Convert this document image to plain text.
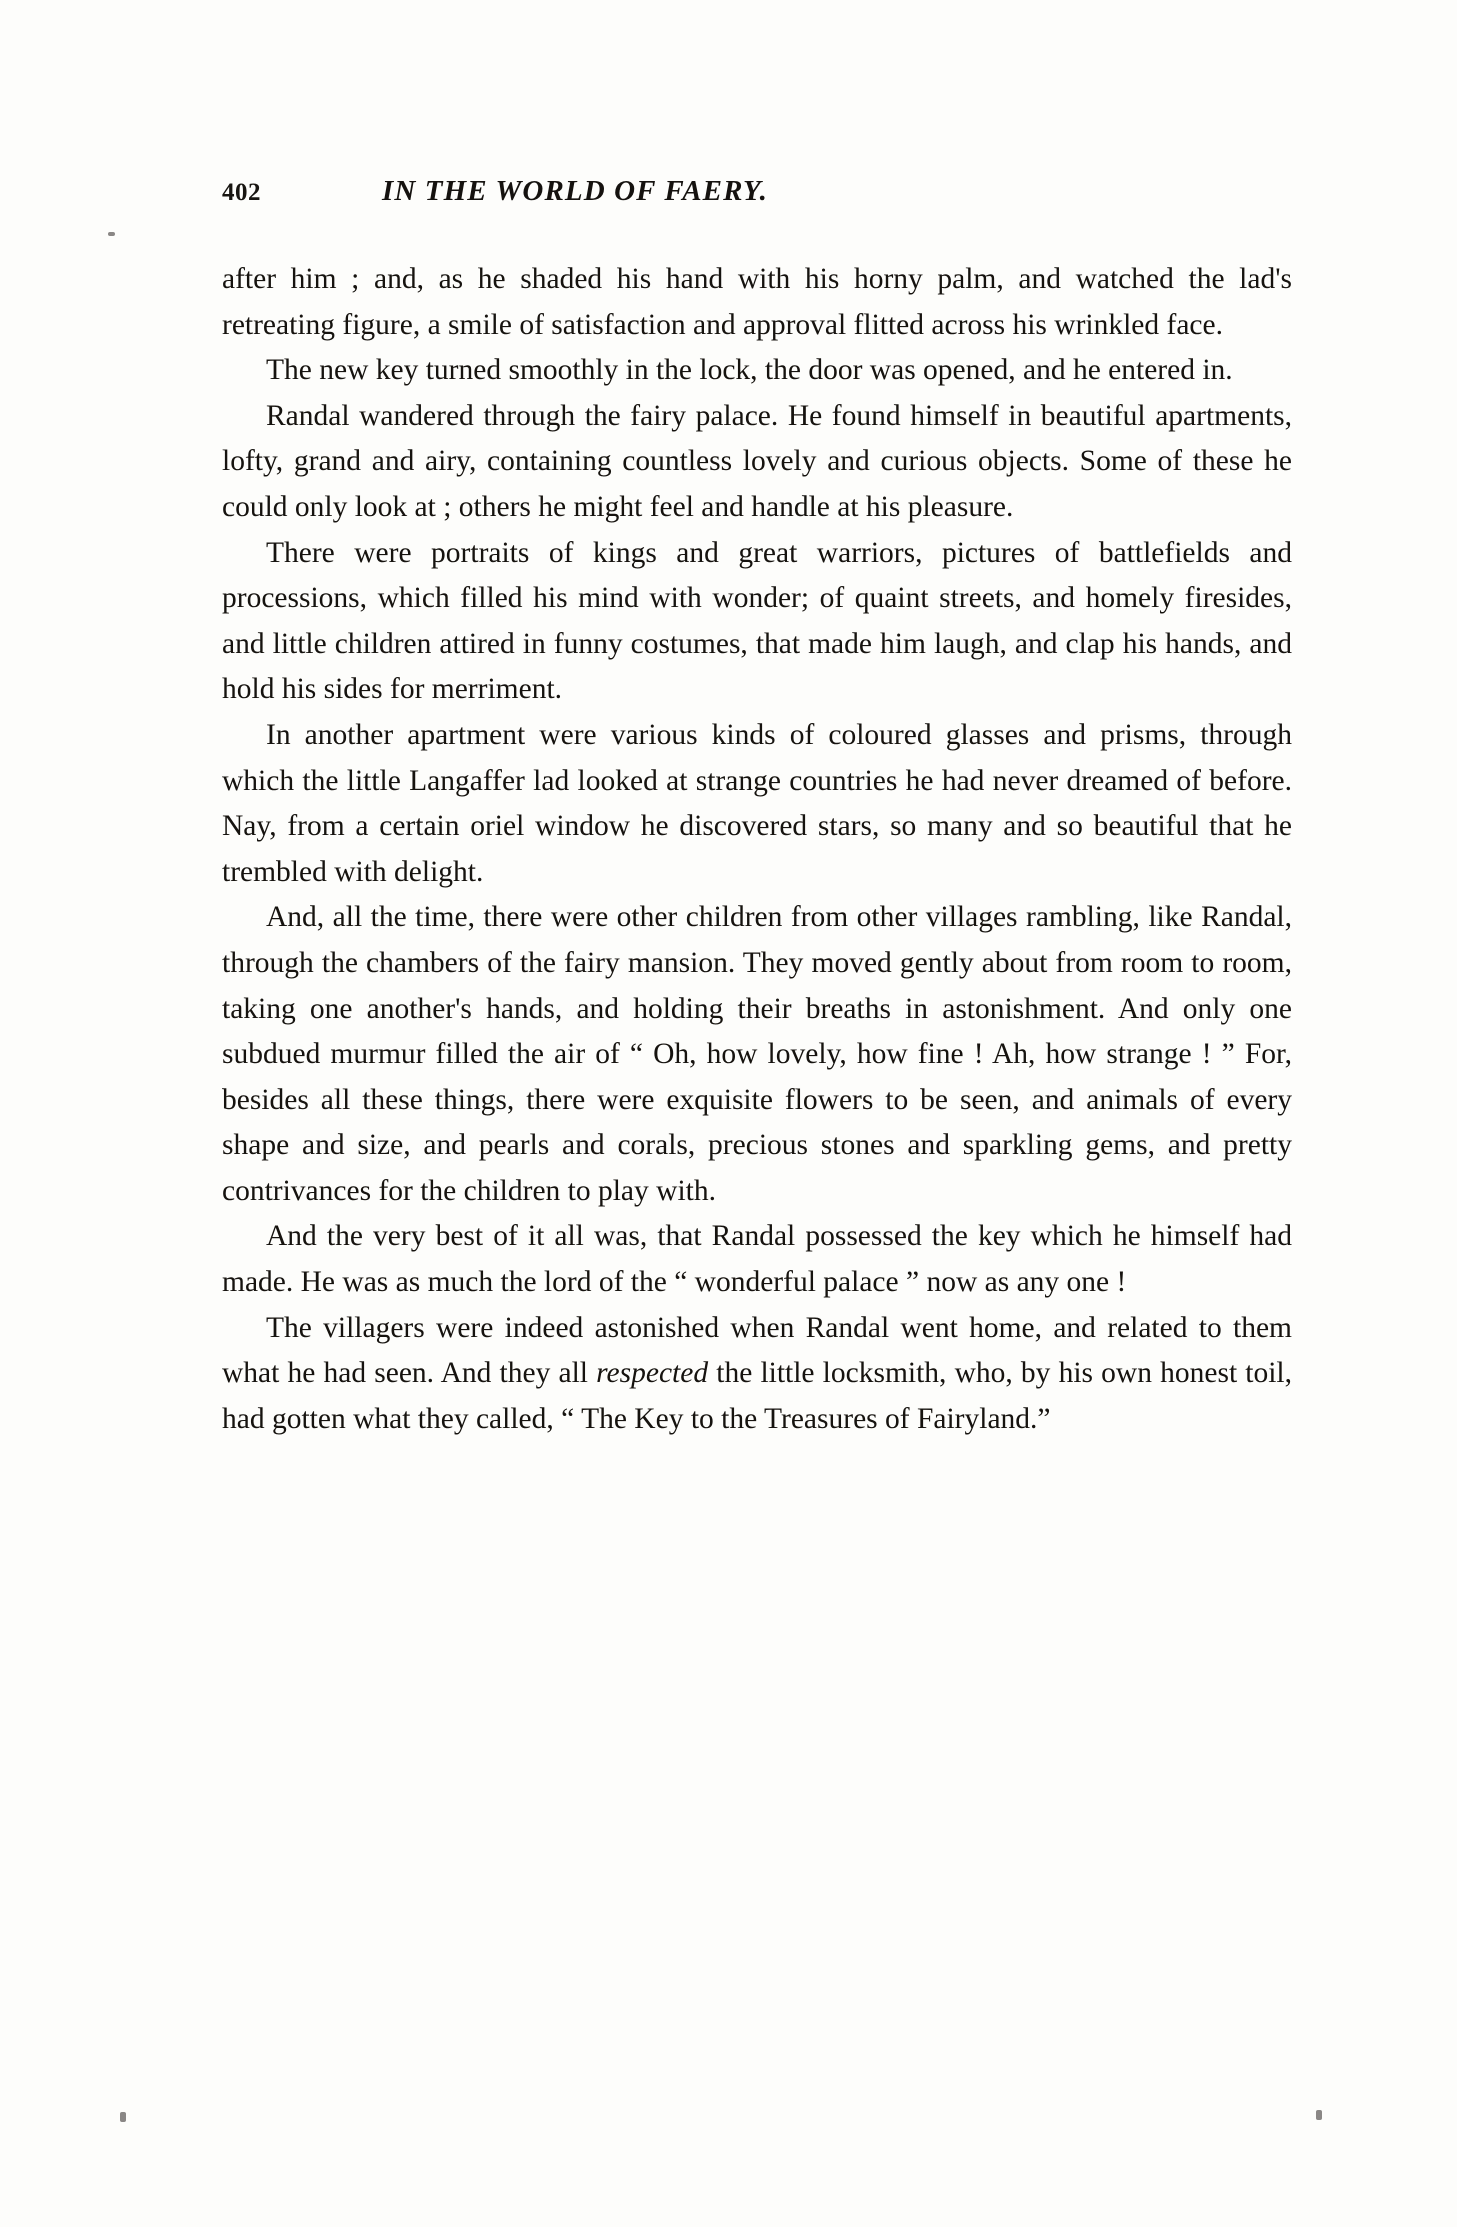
402	IN THE WORLD OF FAERY.

after him ; and, as he shaded his hand with his horny palm, and watched the lad's retreating figure, a smile of satisfaction and approval flitted across his wrinkled face.

The new key turned smoothly in the lock, the door was opened, and he entered in.

Randal wandered through the fairy palace. He found himself in beautiful apartments, lofty, grand and airy, containing countless lovely and curious objects. Some of these he could only look at ; others he might feel and handle at his pleasure.

There were portraits of kings and great warriors, pictures of battlefields and processions, which filled his mind with wonder; of quaint streets, and homely firesides, and little children attired in funny costumes, that made him laugh, and clap his hands, and hold his sides for merriment.

In another apartment were various kinds of coloured glasses and prisms, through which the little Langaffer lad looked at strange countries he had never dreamed of before. Nay, from a certain oriel window he discovered stars, so many and so beautiful that he trembled with delight.

And, all the time, there were other children from other villages rambling, like Randal, through the chambers of the fairy mansion. They moved gently about from room to room, taking one another's hands, and holding their breaths in astonishment. And only one subdued murmur filled the air of “ Oh, how lovely, how fine ! Ah, how strange ! ” For, besides all these things, there were exquisite flowers to be seen, and animals of every shape and size, and pearls and corals, precious stones and sparkling gems, and pretty contrivances for the children to play with.

And the very best of it all was, that Randal possessed the key which he himself had made. He was as much the lord of the “ wonderful palace ” now as any one !

The villagers were indeed astonished when Randal went home, and related to them what he had seen. And they all respected the little locksmith, who, by his own honest toil, had gotten what they called, “ The Key to the Treasures of Fairyland.”
